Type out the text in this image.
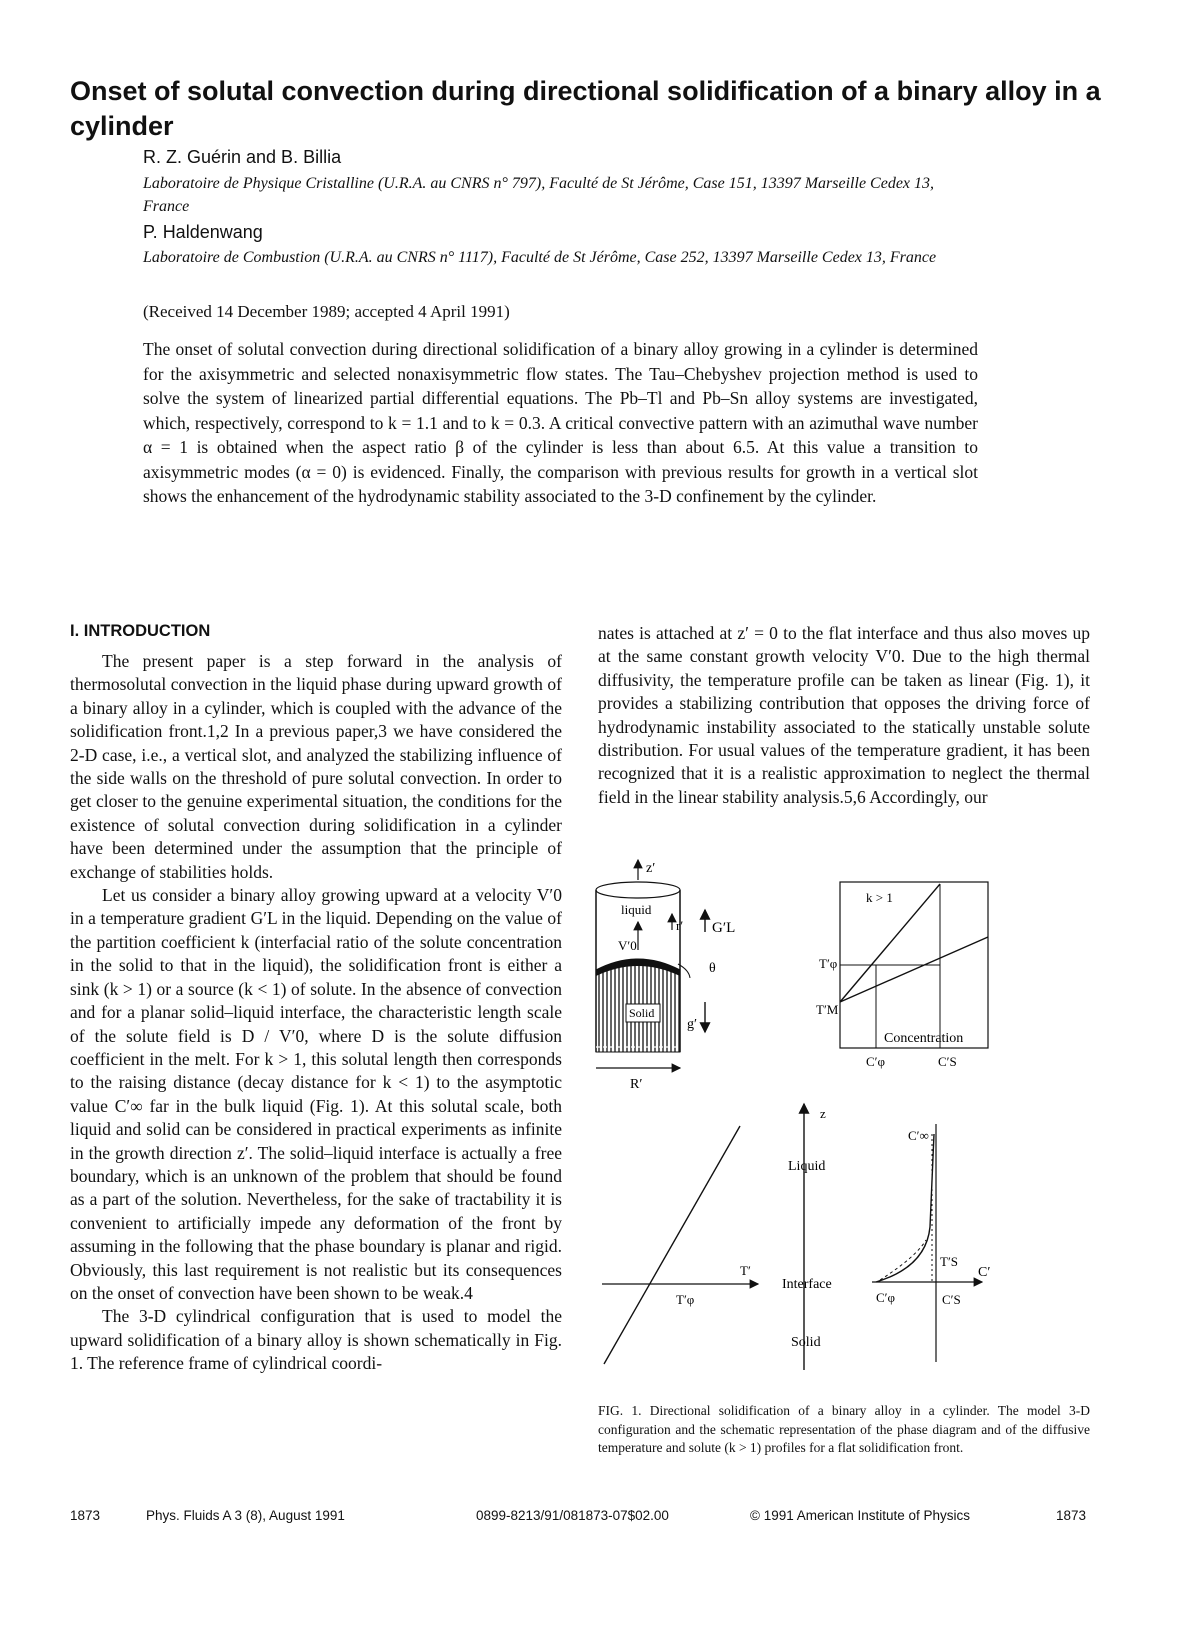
Onset of solutal convection during directional solidification of a binary alloy in a cylinder
R. Z. Guérin and B. Billia
Laboratoire de Physique Cristalline (U.R.A. au CNRS n° 797), Faculté de St Jérôme, Case 151, 13397 Marseille Cedex 13, France
P. Haldenwang
Laboratoire de Combustion (U.R.A. au CNRS n° 1117), Faculté de St Jérôme, Case 252, 13397 Marseille Cedex 13, France
(Received 14 December 1989; accepted 4 April 1991)

The onset of solutal convection during directional solidification of a binary alloy growing in a cylinder is determined for the axisymmetric and selected nonaxisymmetric flow states. The Tau–Chebyshev projection method is used to solve the system of linearized partial differential equations. The Pb–Tl and Pb–Sn alloy systems are investigated, which, respectively, correspond to k = 1.1 and to k = 0.3. A critical convective pattern with an azimuthal wave number α = 1 is obtained when the aspect ratio β of the cylinder is less than about 6.5. At this value a transition to axisymmetric modes (α = 0) is evidenced. Finally, the comparison with previous results for growth in a vertical slot shows the enhancement of the hydrodynamic stability associated to the 3-D confinement by the cylinder.

I. INTRODUCTION

The present paper is a step forward in the analysis of thermosolutal convection in the liquid phase during upward growth of a binary alloy in a cylinder, which is coupled with the advance of the solidification front.1,2 In a previous paper,3 we have considered the 2-D case, i.e., a vertical slot, and analyzed the stabilizing influence of the side walls on the threshold of pure solutal convection. In order to get closer to the genuine experimental situation, the conditions for the existence of solutal convection during solidification in a cylinder have been determined under the assumption that the principle of exchange of stabilities holds.

Let us consider a binary alloy growing upward at a velocity V′0 in a temperature gradient G′L in the liquid. Depending on the value of the partition coefficient k (interfacial ratio of the solute concentration in the solid to that in the liquid), the solidification front is either a sink (k > 1) or a source (k < 1) of solute. In the absence of convection and for a planar solid–liquid interface, the characteristic length scale of the solute field is D / V′0, where D is the solute diffusion coefficient in the melt. For k > 1, this solutal length then corresponds to the raising distance (decay distance for k < 1) to the asymptotic value C′∞ far in the bulk liquid (Fig. 1). At this solutal scale, both liquid and solid can be considered in practical experiments as infinite in the growth direction z′. The solid–liquid interface is actually a free boundary, which is an unknown of the problem that should be found as a part of the solution. Nevertheless, for the sake of tractability it is convenient to artificially impede any deformation of the front by assuming in the following that the phase boundary is planar and rigid. Obviously, this last requirement is not realistic but its consequences on the onset of convection have been shown to be weak.4

The 3-D cylindrical configuration that is used to model the upward solidification of a binary alloy is shown schematically in Fig. 1. The reference frame of cylindrical coordi-

nates is attached at z′ = 0 to the flat interface and thus also moves up at the same constant growth velocity V′0. Due to the high thermal diffusivity, the temperature profile can be taken as linear (Fig. 1), it provides a stabilizing contribution that opposes the driving force of hydrodynamic instability associated to the statically unstable solute distribution. For usual values of the temperature gradient, it has been recognized that it is a realistic approximation to neglect the thermal field in the linear stability analysis.5,6 Accordingly, our

z′
liquid
V′0
r′ G′L
θ
Solid
g′
R′
k > 1
T′φ
T′M
Concentration
C′φ	C′S
T′
T′φ
z
Liquid
Interface
Solid
C′∞
T′S
C′
C′φ	C′S
FIG. 1. Directional solidification of a binary alloy in a cylinder. The model 3-D configuration and the schematic representation of the phase diagram and of the diffusive temperature and solute (k > 1) profiles for a flat solidification front.
1873	Phys. Fluids A 3 (8), August 1991	0899-8213/91/081873-07$02.00	© 1991 American Institute of Physics	1873
